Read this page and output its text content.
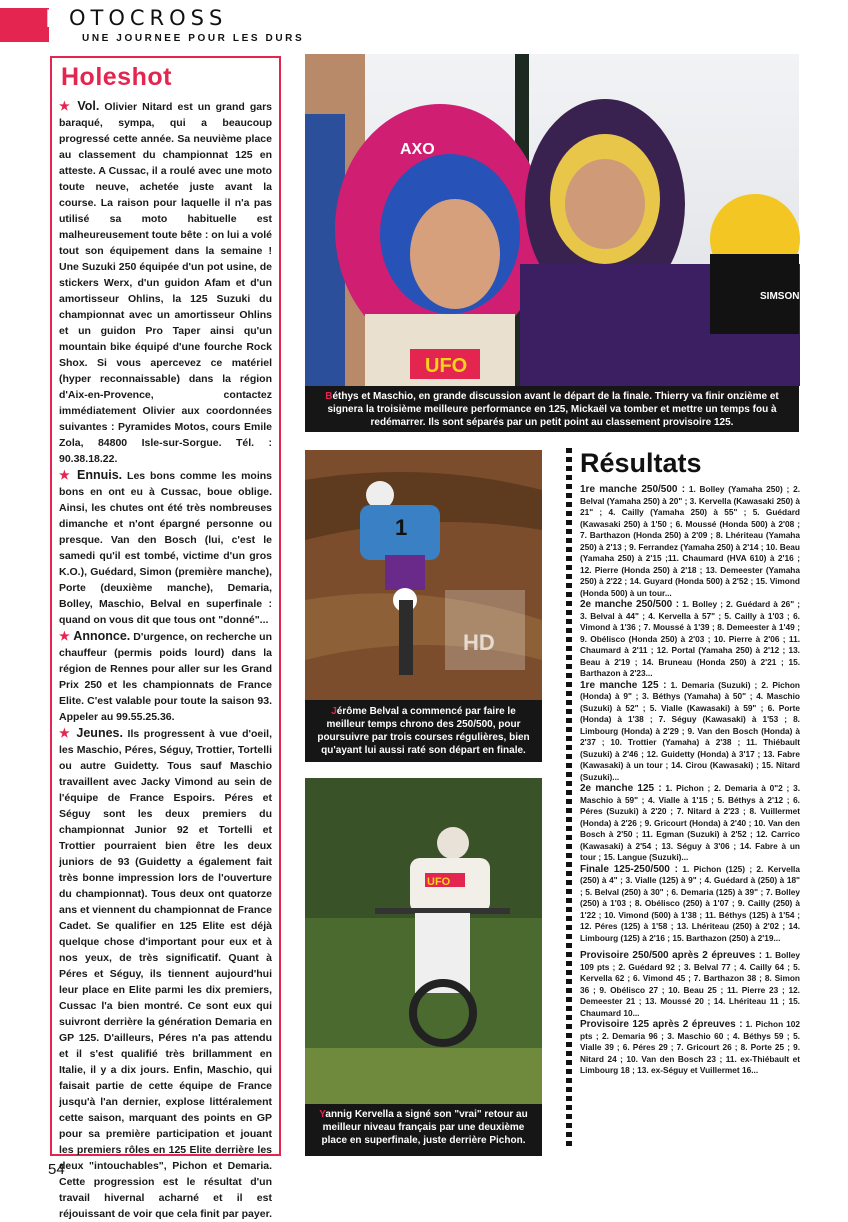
M
OTOCROSS
UNE JOURNEE POUR LES DURS
Holeshot

★ Vol. Olivier Nitard est un grand gars baraqué, sympa, qui a beaucoup progressé cette année. Sa neuvième place au classement du championnat 125 en atteste. A Cussac, il a roulé avec une moto toute neuve, achetée juste avant la course. La raison pour laquelle il n'a pas utilisé sa moto habituelle est malheureusement toute bête : on lui a volé tout son équipement dans la semaine ! Une Suzuki 250 équipée d'un pot usine, de stickers Werx, d'un guidon Afam et d'un amortisseur Ohlins, la 125 Suzuki du championnat avec un amortisseur Ohlins et un guidon Pro Taper ainsi qu'un mountain bike équipé d'une fourche Rock Shox. Si vous apercevez ce matériel (hyper reconnaissable) dans la région d'Aix-en-Provence, contactez immédiatement Olivier aux coordonnées suivantes : Pyramides Motos, cours Emile Zola, 84800 Isle-sur-Sorgue. Tél. : 90.38.18.22.

★ Ennuis. Les bons comme les moins bons en ont eu à Cussac, boue oblige. Ainsi, les chutes ont été très nombreuses dimanche et n'ont épargné personne ou presque. Van den Bosch (lui, c'est le samedi qu'il est tombé, victime d'un gros K.O.), Guédard, Simon (première manche), Porte (deuxième manche), Demaria, Bolley, Maschio, Belval en superfinale : quand on vous dit que tous ont "donné"...

★ Annonce. D'urgence, on recherche un chauffeur (permis poids lourd) dans la région de Rennes pour aller sur les Grand Prix 250 et les championnats de France Elite. C'est valable pour toute la saison 93. Appeler au 99.55.25.36.

★ Jeunes. Ils progressent à vue d'oeil, les Maschio, Péres, Séguy, Trottier, Tortelli ou autre Guidetty. Tous sauf Maschio travaillent avec Jacky Vimond au sein de l'équipe de France Espoirs. Péres et Séguy sont les deux premiers du championnat Junior 92 et Tortelli et Trottier pourraient bien être les deux juniors de 93 (Guidetty a également fait très bonne impression lors de l'ouverture du championnat). Tous deux ont quatorze ans et viennent du championnat de France Cadet. Se qualifier en 125 Elite est déjà quelque chose d'important pour eux et à nos yeux, de très significatif. Quant à Péres et Séguy, ils tiennent aujourd'hui leur place en Elite parmi les dix premiers, Cussac l'a bien montré. Ce sont eux qui suivront derrière la génération Demaria en GP 125. D'ailleurs, Péres n'a pas attendu et il s'est qualifié très brillamment en Italie, il y a dix jours. Enfin, Maschio, qui faisait partie de cette équipe de France jusqu'à l'an dernier, explose littéralement cette saison, marquant des points en GP pour sa première participation et jouant les premiers rôles en 125 Elite derrière les deux "intouchables", Pichon et Demaria. Cette progression est le résultat d'un travail hivernal acharné et il est réjouissant de voir que cela finit par payer.

UFO
AXO
SIMSON FLEX
Béthys et Maschio, en grande discussion avant le départ de la finale. Thierry va finir onzième et signera la troisième meilleure performance en 125, Mickaël va tomber et mettre un temps fou à redémarrer. Ils sont séparés par un petit point au classement provisoire 125.
1
HD
Jérôme Belval a commencé par faire le meilleur temps chrono des 250/500, pour poursuivre par trois courses régulières, bien qu'ayant lui aussi raté son départ en finale.
UFO
Yannig Kervella a signé son "vrai" retour au meilleur niveau français par une deuxième place en superfinale, juste derrière Pichon.
Résultats

1re manche 250/500 : 1. Bolley (Yamaha 250) ; 2. Belval (Yamaha 250) à 20" ; 3. Kervella (Kawasaki 250) à 21" ; 4. Cailly (Yamaha 250) à 55" ; 5. Guédard (Kawasaki 250) à 1'50 ; 6. Moussé (Honda 500) à 2'08 ; 7. Barthazon (Honda 250) à 2'09 ; 8. Lhériteau (Yamaha 250) à 2'13 ; 9. Ferrandez (Yamaha 250) à 2'14 ; 10. Beau (Yamaha 250) à 2'15 ;11. Chaumard (HVA 610) à 2'16 ; 12. Pierre (Honda 250) à 2'18 ; 13. Demeester (Yamaha 250) à 2'22 ; 14. Guyard (Honda 500) à 2'52 ; 15. Vimond (Honda 500) à un tour...

2e manche 250/500 : 1. Bolley ; 2. Guédard à 26" ; 3. Belval à 44" ; 4. Kervella à 57" ; 5. Cailly à 1'03 ; 6. Vimond à 1'36 ; 7. Moussé à 1'39 ; 8. Demeester à 1'49 ; 9. Obélisco (Honda 250) à 2'03 ; 10. Pierre à 2'06 ; 11. Chaumard à 2'11 ; 12. Portal (Yamaha 250) à 2'12 ; 13. Beau à 2'19 ; 14. Bruneau (Honda 250) à 2'21 ; 15. Barthazon à 2'23...

1re manche 125 : 1. Demaria (Suzuki) ; 2. Pichon (Honda) à 9" ; 3. Béthys (Yamaha) à 50" ; 4. Maschio (Suzuki) à 52" ; 5. Vialle (Kawasaki) à 59" ; 6. Porte (Honda) à 1'38 ; 7. Séguy (Kawasaki) à 1'53 ; 8. Limbourg (Honda) à 2'29 ; 9. Van den Bosch (Honda) à 2'37 ; 10. Trottier (Yamaha) à 2'38 ; 11. Thiébault (Suzuki) à 2'46 ; 12. Guidetty (Honda) à 3'17 ; 13. Fabre (Kawasaki) à un tour ; 14. Cirou (Kawasaki) ; 15. Nitard (Suzuki)...

2e manche 125 : 1. Pichon ; 2. Demaria à 0"2 ; 3. Maschio à 59" ; 4. Vialle à 1'15 ; 5. Béthys à 2'12 ; 6. Péres (Suzuki) à 2'20 ; 7. Nitard à 2'23 ; 8. Vuillermet (Honda) à 2'26 ; 9. Gricourt (Honda) à 2'40 ; 10. Van den Bosch à 2'50 ; 11. Egman (Suzuki) à 2'52 ; 12. Carrico (Kawasaki) à 2'54 ; 13. Séguy à 3'06 ; 14. Fabre à un tour ; 15. Langue (Suzuki)...

Finale 125-250/500 : 1. Pichon (125) ; 2. Kervella (250) à 4" ; 3. Vialle (125) à 9" ; 4. Guédard à (250) à 18" ; 5. Belval (250) à 30" ; 6. Demaria (125) à 39" ; 7. Bolley (250) à 1'03 ; 8. Obélisco (250) à 1'07 ; 9. Cailly (250) à 1'22 ; 10. Vimond (500) à 1'38 ; 11. Béthys (125) à 1'54 ; 12. Péres (125) à 1'58 ; 13. Lhériteau (250) à 2'02 ; 14. Limbourg (125) à 2'16 ; 15. Barthazon (250) à 2'19...

Provisoire 250/500 après 2 épreuves : 1. Bolley 109 pts ; 2. Guédard 92 ; 3. Belval 77 ; 4. Cailly 64 ; 5. Kervella 62 ; 6. Vimond 45 ; 7. Barthazon 38 ; 8. Simon 36 ; 9. Obélisco 27 ; 10. Beau 25 ; 11. Pierre 23 ; 12. Demeester 21 ; 13. Moussé 20 ; 14. Lhériteau 11 ; 15. Chaumard 10...

Provisoire 125 après 2 épreuves : 1. Pichon 102 pts ; 2. Demaria 96 ; 3. Maschio 60 ; 4. Béthys 59 ; 5. Vialle 39 ; 6. Péres 29 ; 7. Gricourt 26 ; 8. Porte 25 ; 9. Nitard 24 ; 10. Van den Bosch 23 ; 11. ex-Thiébault et Limbourg 18 ; 13. ex-Séguy et Vuillermet 16...

54
